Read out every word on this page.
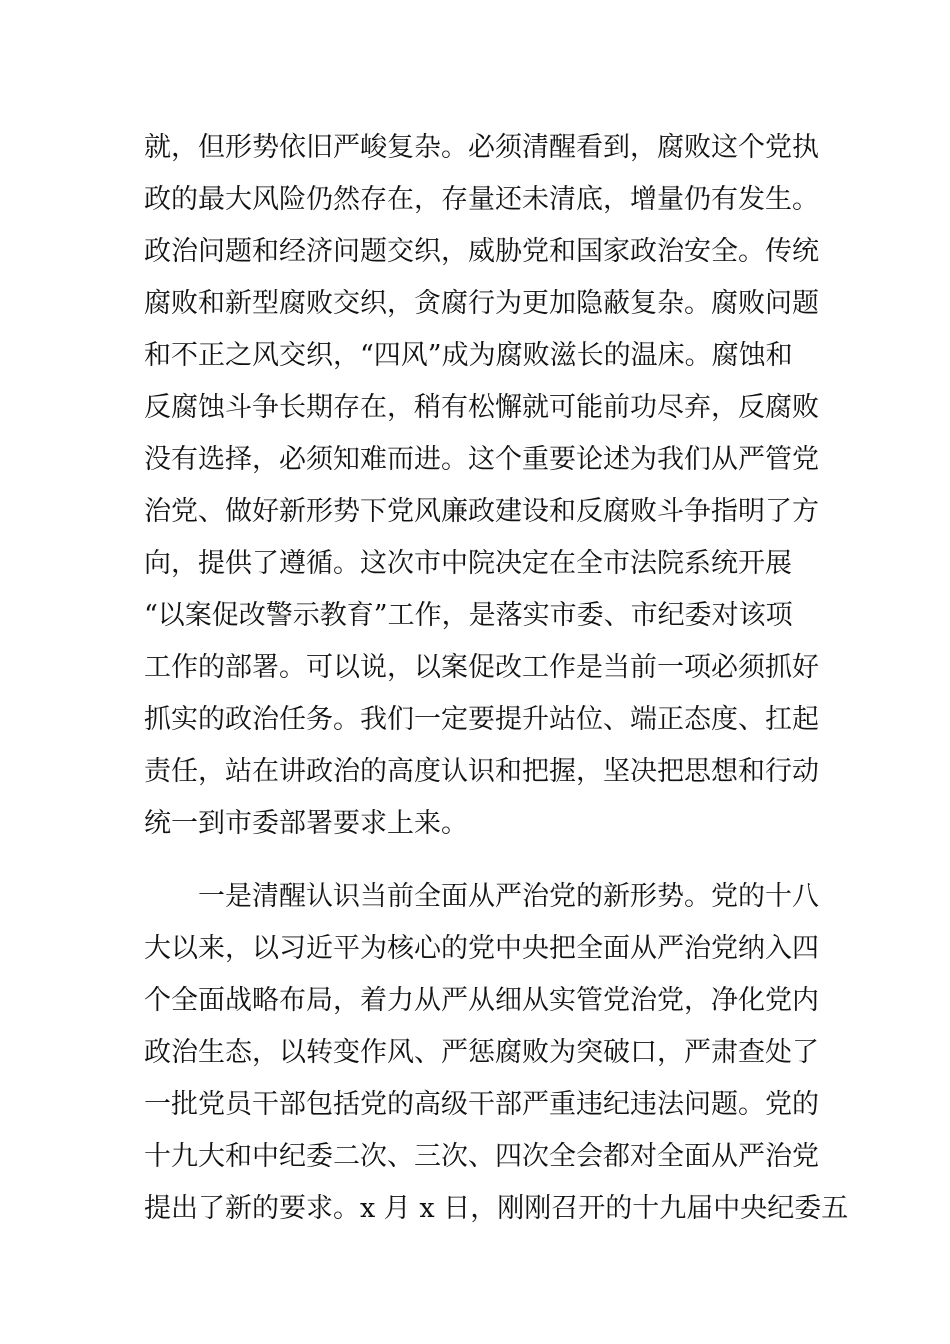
就，但形势依旧严峻复杂。必须清醒看到，腐败这个党执
政的最大风险仍然存在，存量还未清底，增量仍有发生。
政治问题和经济问题交织，威胁党和国家政治安全。传统
腐败和新型腐败交织，贪腐行为更加隐蔽复杂。腐败问题
和不正之风交织，“四风”成为腐败滋长的温床。腐蚀和
反腐蚀斗争长期存在，稍有松懈就可能前功尽弃，反腐败
没有选择，必须知难而进。这个重要论述为我们从严管党
治党、做好新形势下党风廉政建设和反腐败斗争指明了方
向，提供了遵循。这次市中院决定在全市法院系统开展
“以案促改警示教育”工作，是落实市委、市纪委对该项
工作的部署。可以说，以案促改工作是当前一项必须抓好
抓实的政治任务。我们一定要提升站位、端正态度、扛起
责任，站在讲政治的高度认识和把握，坚决把思想和行动
统一到市委部署要求上来。
一是清醒认识当前全面从严治党的新形势。党的十八
大以来，以习近平为核心的党中央把全面从严治党纳入四
个全面战略布局，着力从严从细从实管党治党，净化党内
政治生态，以转变作风、严惩腐败为突破口，严肃查处了
一批党员干部包括党的高级干部严重违纪违法问题。党的
十九大和中纪委二次、三次、四次全会都对全面从严治党
提出了新的要求。x 月 x 日，刚刚召开的十九届中央纪委五
